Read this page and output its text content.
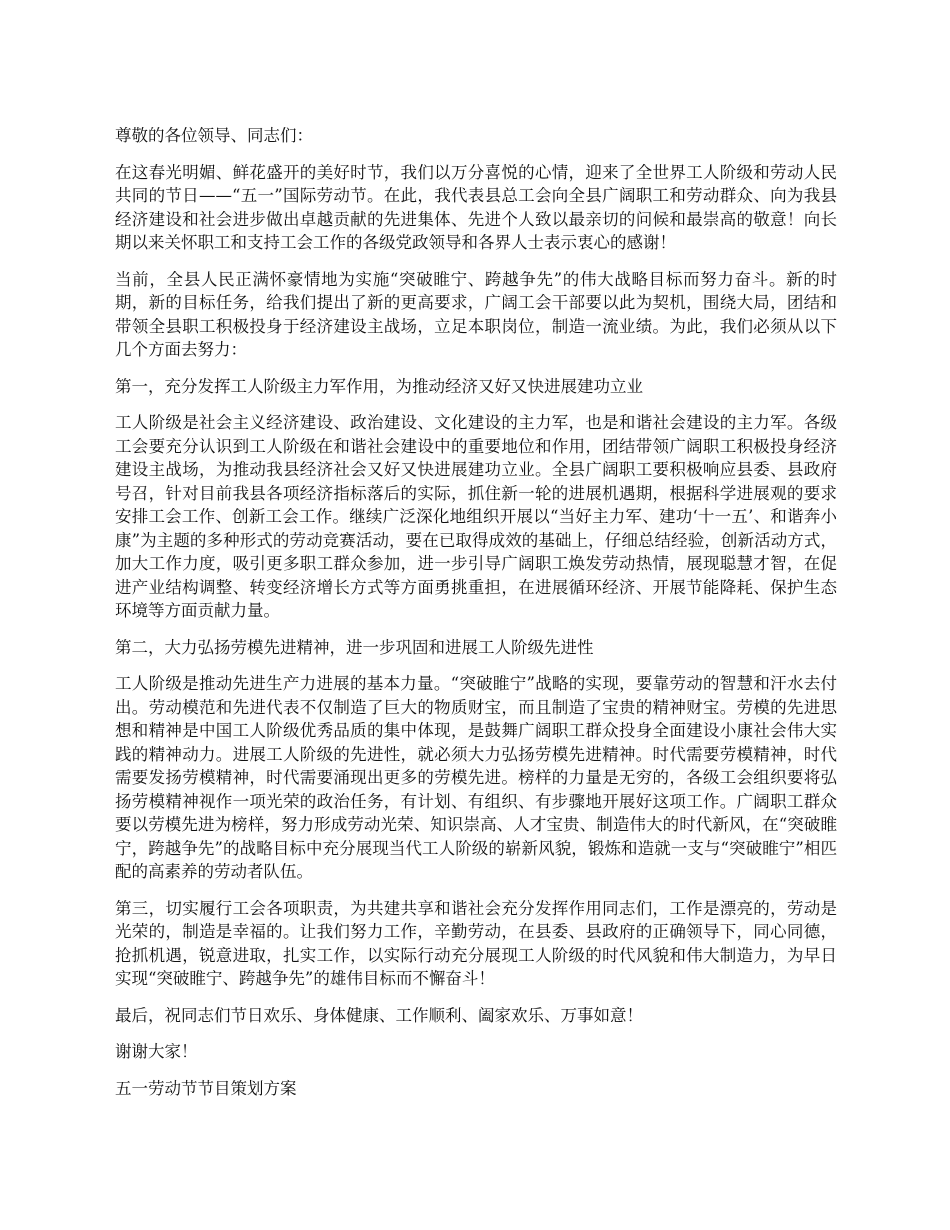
尊敬的各位领导、同志们：

在这春光明媚、鲜花盛开的美好时节，我们以万分喜悦的心情，迎来了全世界工人阶级和劳动人民共同的节日——“五一”国际劳动节。在此，我代表县总工会向全县广阔职工和劳动群众、向为我县经济建设和社会进步做出卓越贡献的先进集体、先进个人致以最亲切的问候和最崇高的敬意！向长期以来关怀职工和支持工会工作的各级党政领导和各界人士表示衷心的感谢！

当前，全县人民正满怀豪情地为实施“突破睢宁、跨越争先”的伟大战略目标而努力奋斗。新的时期，新的目标任务，给我们提出了新的更高要求，广阔工会干部要以此为契机，围绕大局，团结和带领全县职工积极投身于经济建设主战场，立足本职岗位，制造一流业绩。为此，我们必须从以下几个方面去努力：

第一，充分发挥工人阶级主力军作用，为推动经济又好又快进展建功立业

工人阶级是社会主义经济建设、政治建设、文化建设的主力军，也是和谐社会建设的主力军。各级工会要充分认识到工人阶级在和谐社会建设中的重要地位和作用，团结带领广阔职工积极投身经济建设主战场，为推动我县经济社会又好又快进展建功立业。全县广阔职工要积极响应县委、县政府号召，针对目前我县各项经济指标落后的实际，抓住新一轮的进展机遇期，根据科学进展观的要求安排工会工作、创新工会工作。继续广泛深化地组织开展以“当好主力军、建功‘十一五’、和谐奔小康”为主题的多种形式的劳动竞赛活动，要在已取得成效的基础上，仔细总结经验，创新活动方式，加大工作力度，吸引更多职工群众参加，进一步引导广阔职工焕发劳动热情，展现聪慧才智，在促进产业结构调整、转变经济增长方式等方面勇挑重担，在进展循环经济、开展节能降耗、保护生态环境等方面贡献力量。

第二，大力弘扬劳模先进精神，进一步巩固和进展工人阶级先进性

工人阶级是推动先进生产力进展的基本力量。“突破睢宁”战略的实现，要靠劳动的智慧和汗水去付出。劳动模范和先进代表不仅制造了巨大的物质财宝，而且制造了宝贵的精神财宝。劳模的先进思想和精神是中国工人阶级优秀品质的集中体现，是鼓舞广阔职工群众投身全面建设小康社会伟大实践的精神动力。进展工人阶级的先进性，就必须大力弘扬劳模先进精神。时代需要劳模精神，时代需要发扬劳模精神，时代需要涌现出更多的劳模先进。榜样的力量是无穷的，各级工会组织要将弘扬劳模精神视作一项光荣的政治任务，有计划、有组织、有步骤地开展好这项工作。广阔职工群众要以劳模先进为榜样，努力形成劳动光荣、知识崇高、人才宝贵、制造伟大的时代新风，在“突破睢宁，跨越争先”的战略目标中充分展现当代工人阶级的崭新风貌，锻炼和造就一支与“突破睢宁”相匹配的高素养的劳动者队伍。

第三，切实履行工会各项职责，为共建共享和谐社会充分发挥作用同志们，工作是漂亮的，劳动是光荣的，制造是幸福的。让我们努力工作，辛勤劳动，在县委、县政府的正确领导下，同心同德，抢抓机遇，锐意进取，扎实工作，以实际行动充分展现工人阶级的时代风貌和伟大制造力，为早日实现“突破睢宁、跨越争先”的雄伟目标而不懈奋斗！

最后，祝同志们节日欢乐、身体健康、工作顺利、阖家欢乐、万事如意！

谢谢大家！

五一劳动节节目策划方案
